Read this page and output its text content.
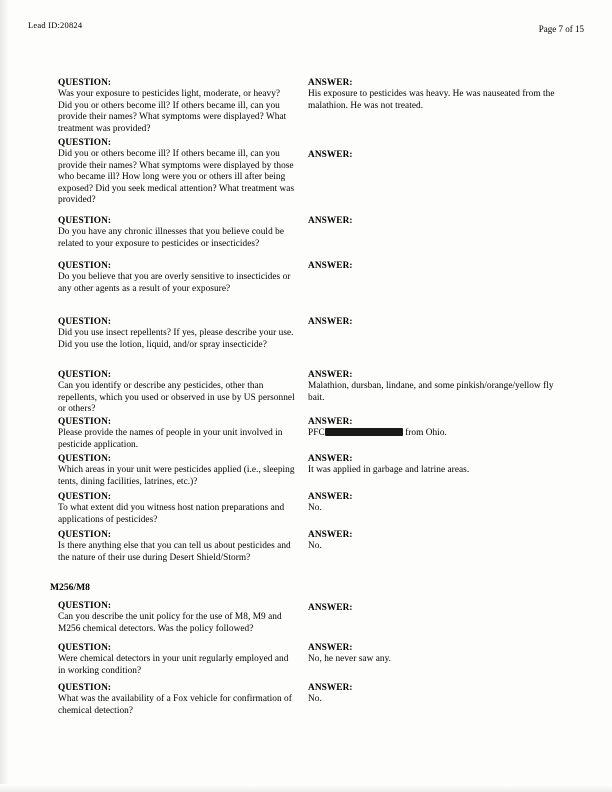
Lead ID:20824	Page 7 of 15
QUESTION:
Was your exposure to pesticides light, moderate, or heavy? Did you or others become ill? If others became ill, can you provide their names? What symptoms were displayed? What treatment was provided?
ANSWER:
His exposure to pesticides was heavy. He was nauseated from the malathion. He was not treated.
QUESTION:
Did you or others become ill? If others became ill, can you provide their names? What symptoms were displayed by those who became ill? How long were you or others ill after being exposed? Did you seek medical attention? What treatment was provided?
ANSWER:
QUESTION:
Do you have any chronic illnesses that you believe could be related to your exposure to pesticides or insecticides?
ANSWER:
QUESTION:
Do you believe that you are overly sensitive to insecticides or any other agents as a result of your exposure?
ANSWER:
QUESTION:
Did you use insect repellents? If yes, please describe your use. Did you use the lotion, liquid, and/or spray insecticide?
ANSWER:
QUESTION:
Can you identify or describe any pesticides, other than repellents, which you used or observed in use by US personnel or others?
ANSWER:
Malathion, dursban, lindane, and some pinkish/orange/yellow fly bait.
QUESTION:
Please provide the names of people in your unit involved in pesticide application.
ANSWER:
PFC	from Ohio.
QUESTION:
Which areas in your unit were pesticides applied (i.e., sleeping tents, dining facilities, latrines, etc.)?
ANSWER:
It was applied in garbage and latrine areas.
QUESTION:
To what extent did you witness host nation preparations and applications of pesticides?
ANSWER:
No.
QUESTION:
Is there anything else that you can tell us about pesticides and the nature of their use during Desert Shield/Storm?
ANSWER:
No.
M256/M8
QUESTION:
Can you describe the unit policy for the use of M8, M9 and M256 chemical detectors. Was the policy followed?
ANSWER:
QUESTION:
Were chemical detectors in your unit regularly employed and in working condition?
ANSWER:
No, he never saw any.
QUESTION:
What was the availability of a Fox vehicle for confirmation of chemical detection?
ANSWER:
No.
